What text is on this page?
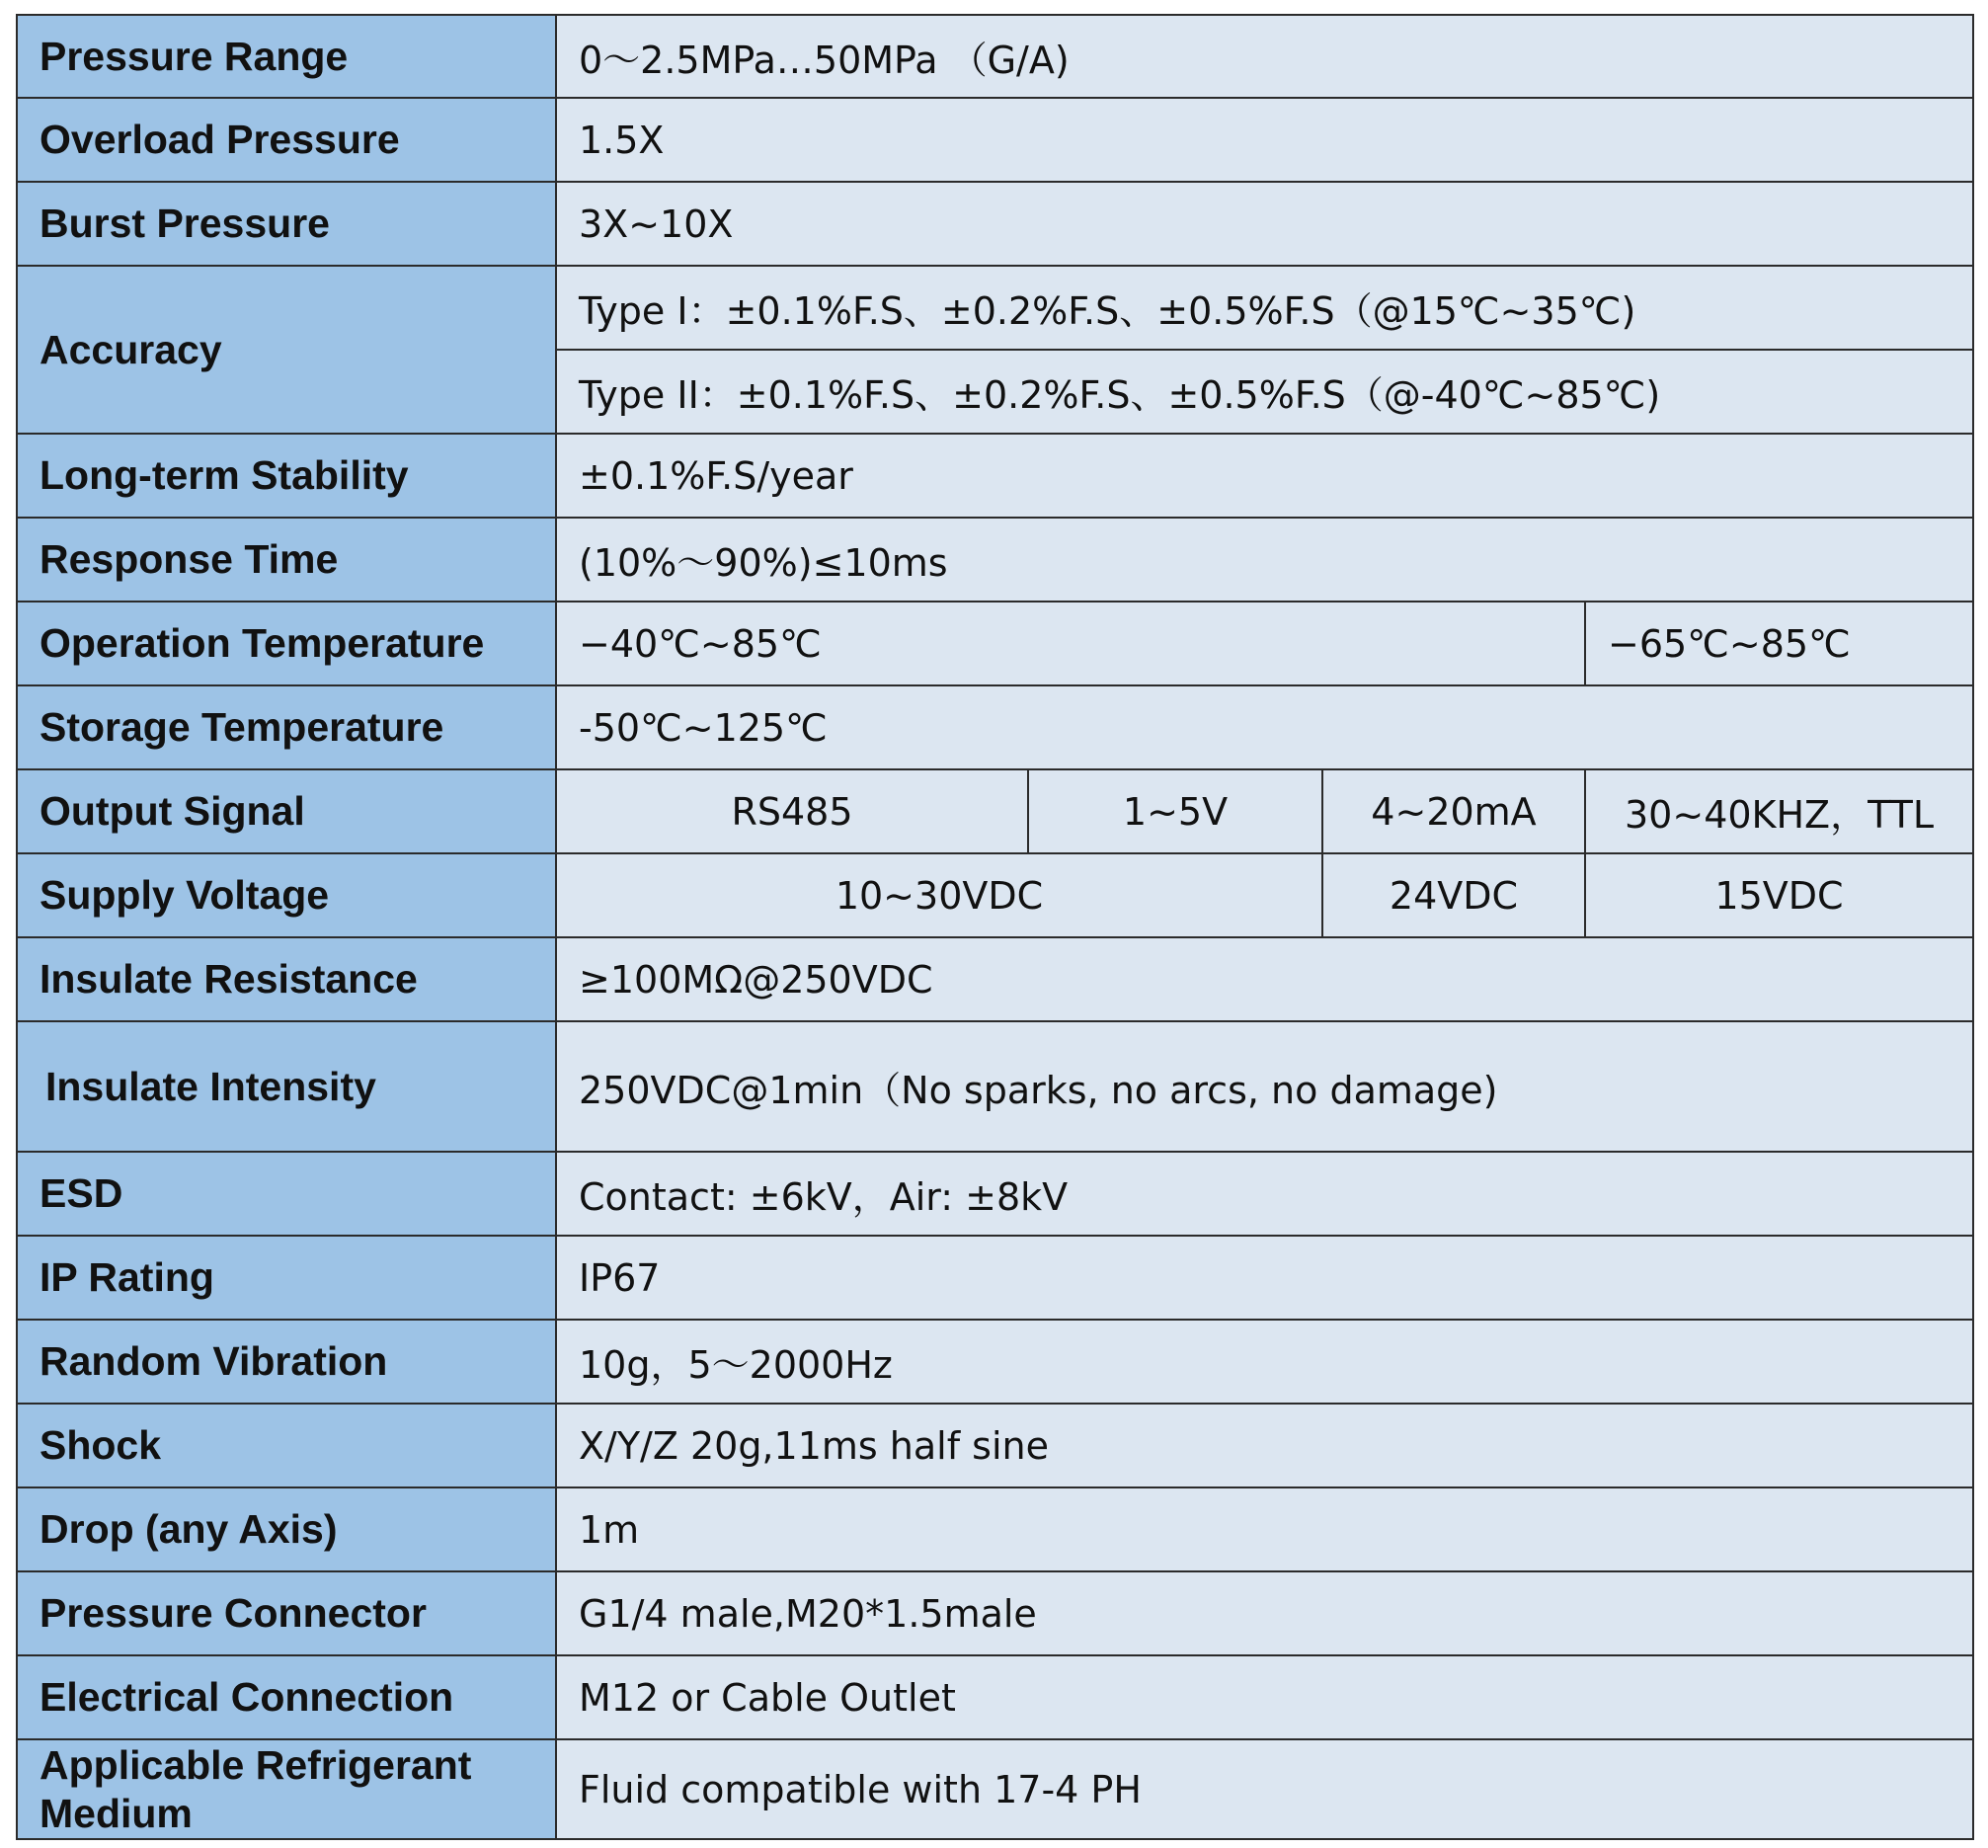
Pressure Range	0～2.5MPa…50MPa （G/A)			
Overload Pressure	1.5X			
Burst Pressure	3X~10X			
Accuracy	Type I：±0.1%F.S、±0.2%F.S、±0.5%F.S（@15℃~35℃)			
	Type II：±0.1%F.S、±0.2%F.S、±0.5%F.S（@-40℃~85℃)			
Long-term Stability	±0.1%F.S/year			
Response Time	(10%～90%)≤10ms			
Operation Temperature	−40℃~85℃			−65℃~85℃
Storage Temperature	-50℃~125℃			
Output Signal	RS485	1~5V	4~20mA	30~40KHZ，TTL
Supply Voltage	10~30VDC		24VDC	15VDC
Insulate Resistance	≥100MΩ@250VDC			
Insulate Intensity	250VDC@1min（No sparks, no arcs, no damage)			
ESD	Contact: ±6kV，Air: ±8kV			
IP Rating	IP67			
Random Vibration	10g，5～2000Hz			
Shock	X/Y/Z 20g,11ms half sine			
Drop (any Axis)	1m			
Pressure Connector	G1/4 male,M20*1.5male			
Electrical Connection	M12 or Cable Outlet			
Applicable Refrigerant Medium	Fluid compatible with 17-4 PH			
